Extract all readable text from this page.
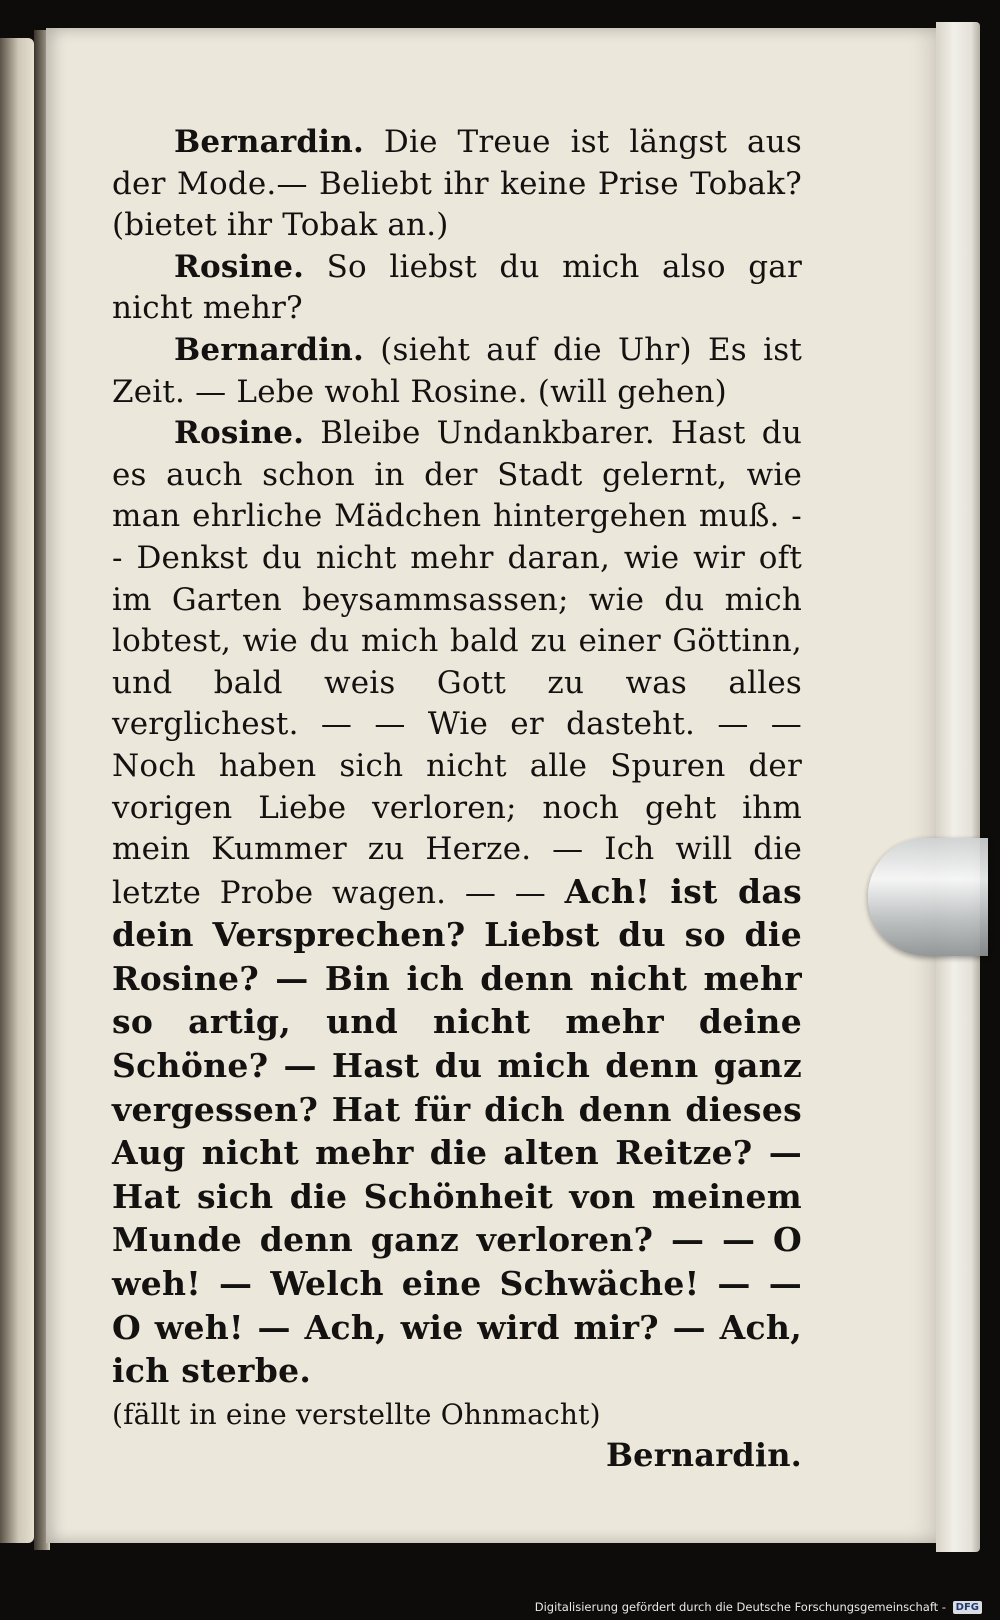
Bernardin. Die Treue ist längst aus der Mode.— Beliebt ihr keine Prise Tobak? (bietet ihr Tobak an.)

Rosine. So liebst du mich also gar nicht mehr?

Bernardin. (sieht auf die Uhr) Es ist Zeit. — Lebe wohl Rosine. (will gehen)

Rosine. Bleibe Undankbarer. Hast du es auch schon in der Stadt gelernt, wie man ehrliche Mädchen hintergehen muß. -- Denkst du nicht mehr daran, wie wir oft im Garten beysammsassen; wie du mich lobtest, wie du mich bald zu einer Göttinn, und bald weis Gott zu was alles verglichest. — — Wie er dasteht. — — Noch haben sich nicht alle Spuren der vorigen Liebe verloren; noch geht ihm mein Kummer zu Herze. — Ich will die letzte Probe wagen. — — Ach! ist das dein Versprechen? Liebst du so die Rosine? — Bin ich denn nicht mehr so artig, und nicht mehr deine Schöne? — Hast du mich denn ganz vergessen? Hat für dich denn dieses Aug nicht mehr die alten Reitze? — Hat sich die Schönheit von meinem Munde denn ganz verloren? — — O weh! — Welch eine Schwäche! — — O weh! — Ach, wie wird mir? — Ach, ich sterbe.

(fällt in eine verstellte Ohnmacht)

Bernardin.

Digitalisierung gefördert durch die Deutsche Forschungsgemeinschaft - DFG
